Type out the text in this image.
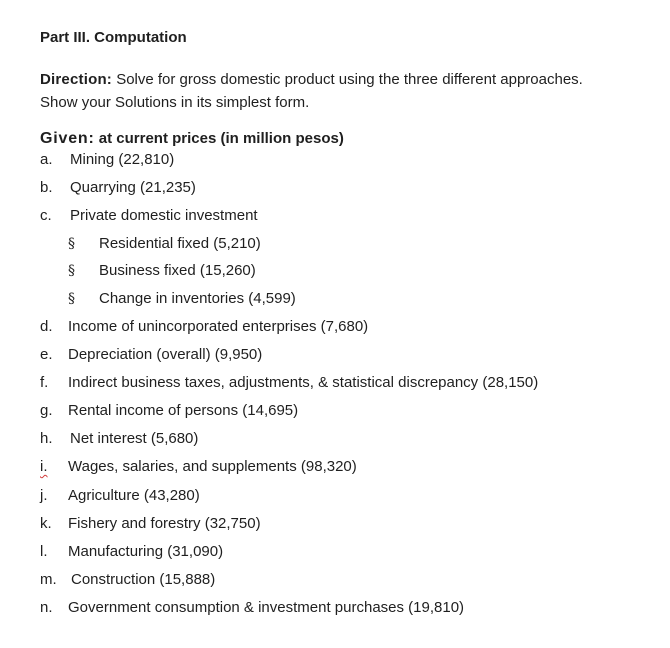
Part III. Computation
Direction: Solve for gross domestic product using the three different approaches.
Show your Solutions in its simplest form.
Given: at current prices (in million pesos)
a. Mining (22,810)
b. Quarrying (21,235)
c. Private domestic investment
§ Residential fixed (5,210)
§ Business fixed (15,260)
§ Change in inventories (4,599)
d. Income of unincorporated enterprises (7,680)
e. Depreciation (overall) (9,950)
f. Indirect business taxes, adjustments, & statistical discrepancy (28,150)
g. Rental income of persons (14,695)
h. Net interest (5,680)
i. Wages, salaries, and supplements (98,320)
j. Agriculture (43,280)
k. Fishery and forestry (32,750)
l. Manufacturing (31,090)
m. Construction (15,888)
n. Government consumption & investment purchases (19,810)
